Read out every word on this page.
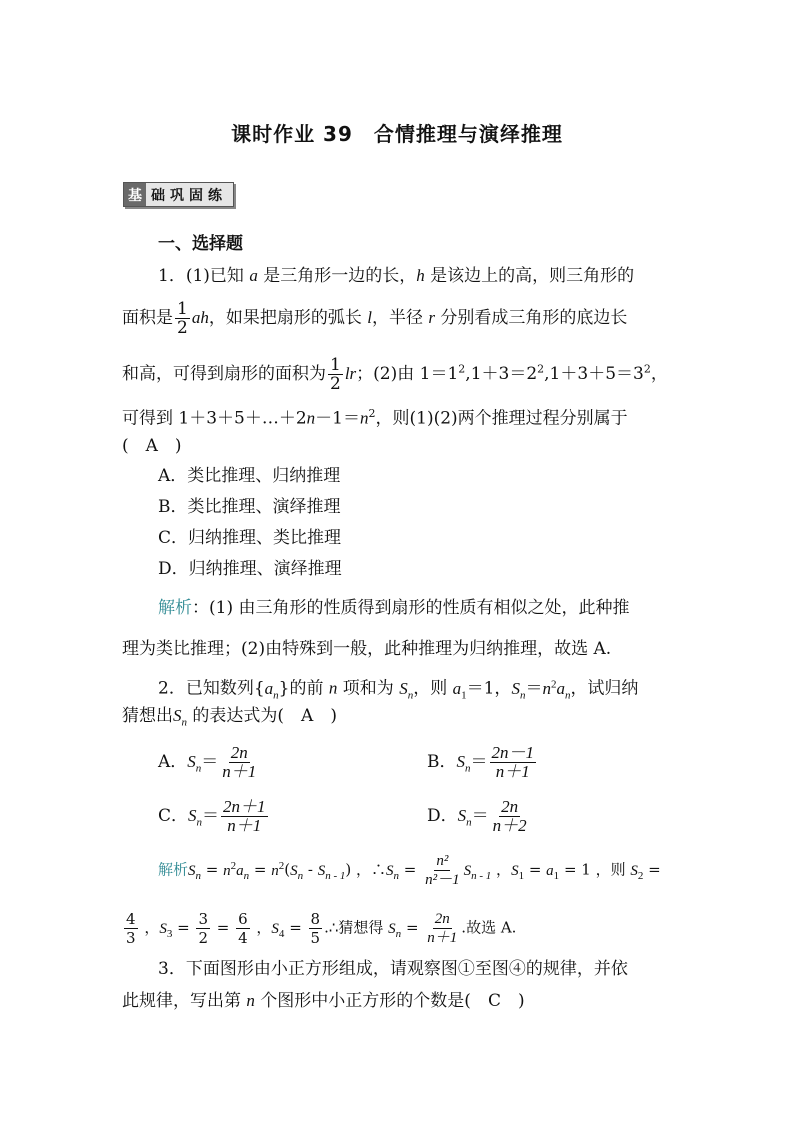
课时作业 39　合情推理与演绎推理
基 础巩固练
一、选择题
1．(1)已知 a 是三角形一边的长，h 是该边上的高，则三角形的
面积是 $\frac{1}{2}$ ah，如果把扇形的弧长 l，半径 r 分别看成三角形的底边长
和高，可得到扇形的面积为 $\frac{1}{2}$ lr；(2)由 $1=1^2,1+3=2^2,1+3+5=3^2$，
可得到 $1+3+5+\dots+2n-1=n^2$，则(1)(2)两个推理过程分别属于
(　A　)
A．类比推理、归纳推理
B．类比推理、演绎推理
C．归纳推理、类比推理
D．归纳推理、演绎推理
解析：(1) 由三角形的性质得到扇形的性质有相似之处，此种推
理为类比推理；(2)由特殊到一般，此种推理为归纳推理，故选 A.
2．已知数列$\{a_n\}$的前 n 项和为 $S_n$，则 $a_1=1$，$S_n=n^2a_n$，试归纳
猜想出$S_n$ 的表达式为(　A　)
A．$S_n= \frac{2n}{n+1}$	B．$S_n= \frac{2n-1}{n+1}$
C．$S_n= \frac{2n+1}{n+1}$	D．$S_n= \frac{2n}{n+2}$
解析$S_n = n^2a_n = n^2(S_n - S_{n - 1})$ ，$\therefore S_n = \frac{\text{n²}}{\text{n²－1}} S_{n - 1}$ ，$S_1 = a_1 = 1$ ，则 $S_2$ =
$\frac{4}{3}$ ，$S_3 = \frac{3}{2} = \frac{6}{4}$ ，$S_4 = \frac{8}{5}$ .∴猜想得 $S_n = \frac{2n}{n+1}$ .故选 A.
3．下面图形由小正方形组成，请观察图①至图④的规律，并依
此规律，写出第 n 个图形中小正方形的个数是(　C　)
